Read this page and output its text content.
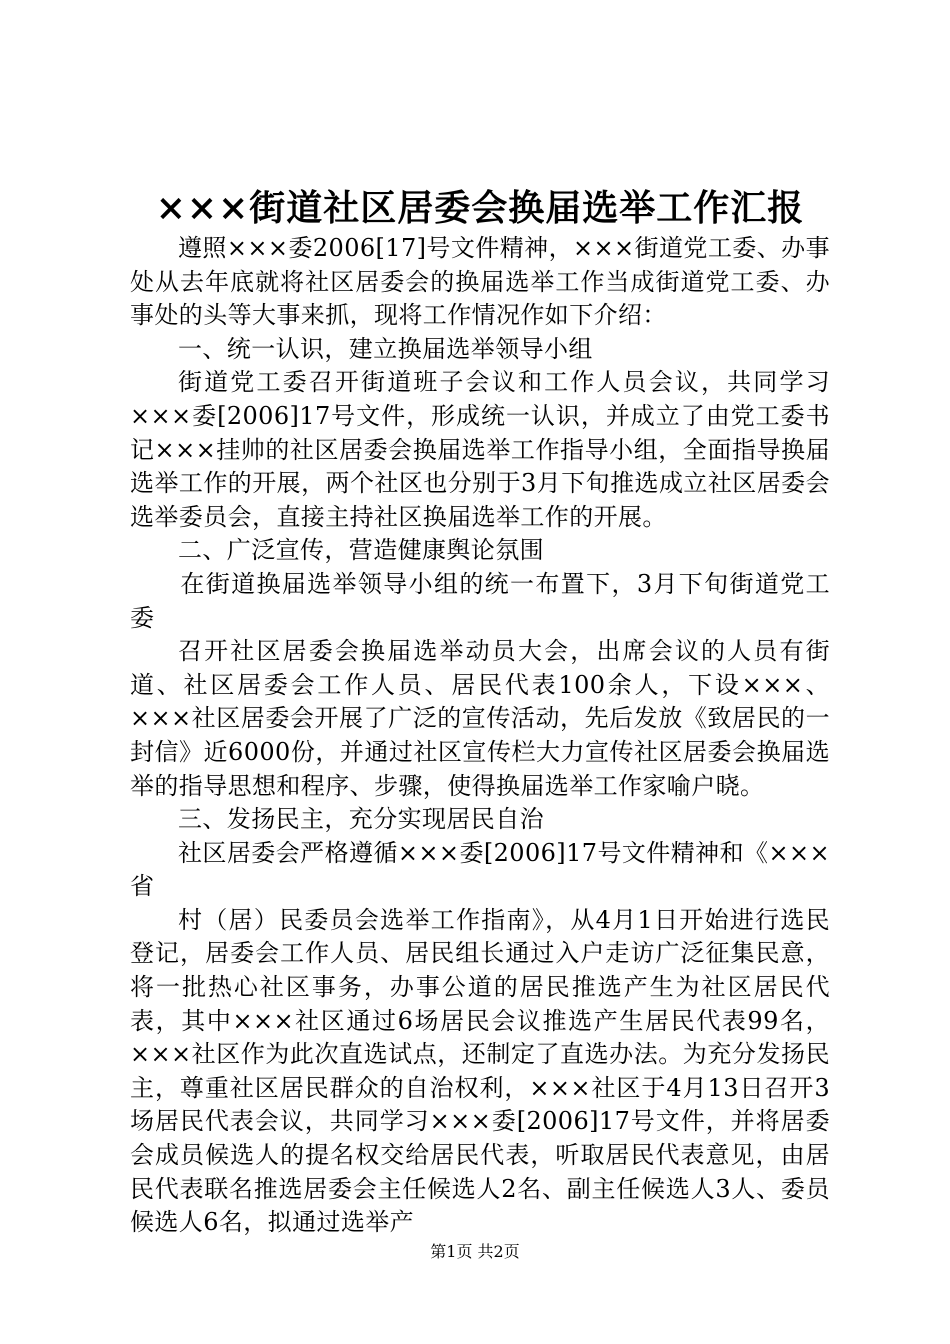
×××街道社区居委会换届选举工作汇报

遵照×××委2006[17]号文件精神，×××街道党工委、办事处从去年底就将社区居委会的换届选举工作当成街道党工委、办事处的头等大事来抓，现将工作情况作如下介绍：

一、统一认识，建立换届选举领导小组

街道党工委召开街道班子会议和工作人员会议，共同学习×××委[2006]17号文件，形成统一认识，并成立了由党工委书记×××挂帅的社区居委会换届选举工作指导小组，全面指导换届选举工作的开展，两个社区也分别于3月下旬推选成立社区居委会选举委员会，直接主持社区换届选举工作的开展。

二、广泛宣传，营造健康舆论氛围

在街道换届选举领导小组的统一布置下，3月下旬街道党工委

召开社区居委会换届选举动员大会，出席会议的人员有街道、社区居委会工作人员、居民代表100余人，下设×××、×××社区居委会开展了广泛的宣传活动，先后发放《致居民的一封信》近6000份，并通过社区宣传栏大力宣传社区居委会换届选举的指导思想和程序、步骤，使得换届选举工作家喻户晓。

三、发扬民主，充分实现居民自治

社区居委会严格遵循×××委[2006]17号文件精神和《×××省

村（居）民委员会选举工作指南》，从4月1日开始进行选民登记，居委会工作人员、居民组长通过入户走访广泛征集民意，将一批热心社区事务，办事公道的居民推选产生为社区居民代表，其中×××社区通过6场居民会议推选产生居民代表99名，×××社区作为此次直选试点，还制定了直选办法。为充分发扬民主，尊重社区居民群众的自治权利，×××社区于4月13日召开3场居民代表会议，共同学习×××委[2006]17号文件，并将居委会成员候选人的提名权交给居民代表，听取居民代表意见，由居民代表联名推选居委会主任候选人2名、副主任候选人3人、委员候选人6名，拟通过选举产

第1页 共2页
